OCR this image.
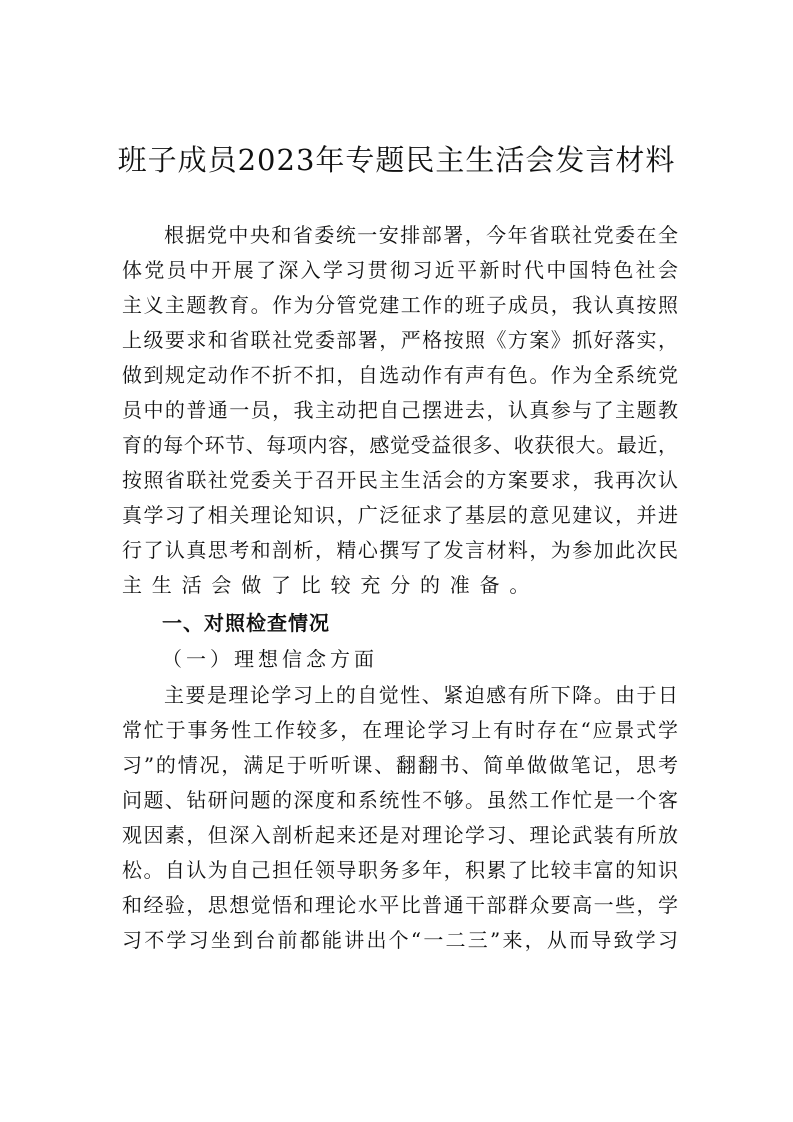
班子成员2023年专题民主生活会发言材料
根据党中央和省委统一安排部署，今年省联社党委在全
体党员中开展了深入学习贯彻习近平新时代中国特色社会
主义主题教育。作为分管党建工作的班子成员，我认真按照
上级要求和省联社党委部署，严格按照《方案》抓好落实，
做到规定动作不折不扣，自选动作有声有色。作为全系统党
员中的普通一员，我主动把自己摆进去，认真参与了主题教
育的每个环节、每项内容，感觉受益很多、收获很大。最近，
按照省联社党委关于召开民主生活会的方案要求，我再次认
真学习了相关理论知识，广泛征求了基层的意见建议，并进
行了认真思考和剖析，精心撰写了发言材料，为参加此次民
主生活会做了比较充分的准备。
一、对照检查情况
（一）理想信念方面
主要是理论学习上的自觉性、紧迫感有所下降。由于日
常忙于事务性工作较多，在理论学习上有时存在“应景式学
习”的情况，满足于听听课、翻翻书、简单做做笔记，思考
问题、钻研问题的深度和系统性不够。虽然工作忙是一个客
观因素，但深入剖析起来还是对理论学习、理论武装有所放
松。自认为自己担任领导职务多年，积累了比较丰富的知识
和经验，思想觉悟和理论水平比普通干部群众要高一些，学
习不学习坐到台前都能讲出个“一二三”来，从而导致学习
